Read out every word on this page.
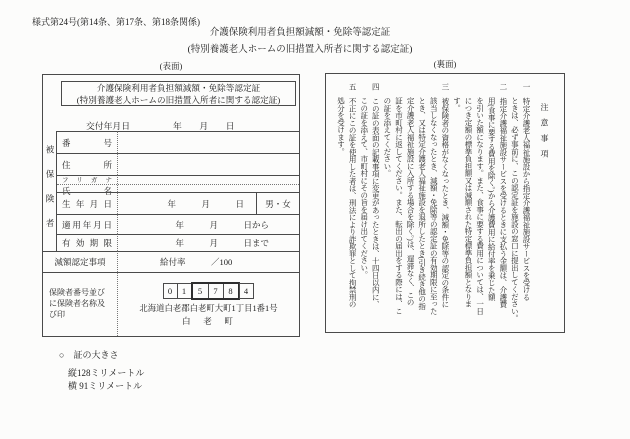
様式第24号(第14条、第17条、第18条関係)
介護保険利用者負担額減額・免除等認定証
(特別養護老人ホームの旧措置入所者に関する認定証)
(表面)	(裏面)
介護保険利用者負担額減額・免除等認定証
(特別養護老人ホームの旧措置入所者に関する認定証)
交付年月日	年　　月　　日
被保険者
番号
住所
フリガナ
氏名
生年月日	年　　　月　　　日	男・女
適用年月日	年　　　月　　　日から
有効期限	年　　　月　　　日まで
減額認定事項	給付率　　　／100
保険者番号並び
に保険者名称及
び印
0	1	5	7	8	4
北海道白老郡白老町大町1丁目1番1号
白　老　町
注意事項
一　特定介護老人福祉施設から指定介護福祉施設サービスを受ける
ときは、必ず事前に、この認定証を施設の窓口に提出してください。
二　指定介護福祉施設サービスを受けるときに支払う金額は、介護費
用(食事に要する費用を除く。)から介護費用に給付率を乗じた額
を引いた額になります。また、食事に要する費用については、一日
につき定額の標準負担額又は減額された特定標準負担額となりま
す。
三　被保険者の資格がなくなったとき、減額・免除等の認定の条件に
該当しなくなったとき、減額・免除等の認定証の有効期限に至った
とき、又は特定介護老人福祉施設を退所したとき(引き続き他の指
定介護老人福祉施設に入所する場合を除く。)は、遅滞なく、この
証を市町村に返してください。また、転出の届出をする際には、こ
の証を添えてください。
四　この証の表面の記載事項に変更があったときは、十四日以内に、
この証を添えて、市町村にその旨を届け出てください。
五　不正にこの証を使用した者は、刑法により詐欺罪として拘禁刑の
処分を受けます。
○ 証の大きさ
縦128ミリメートル
横 91ミリメートル
